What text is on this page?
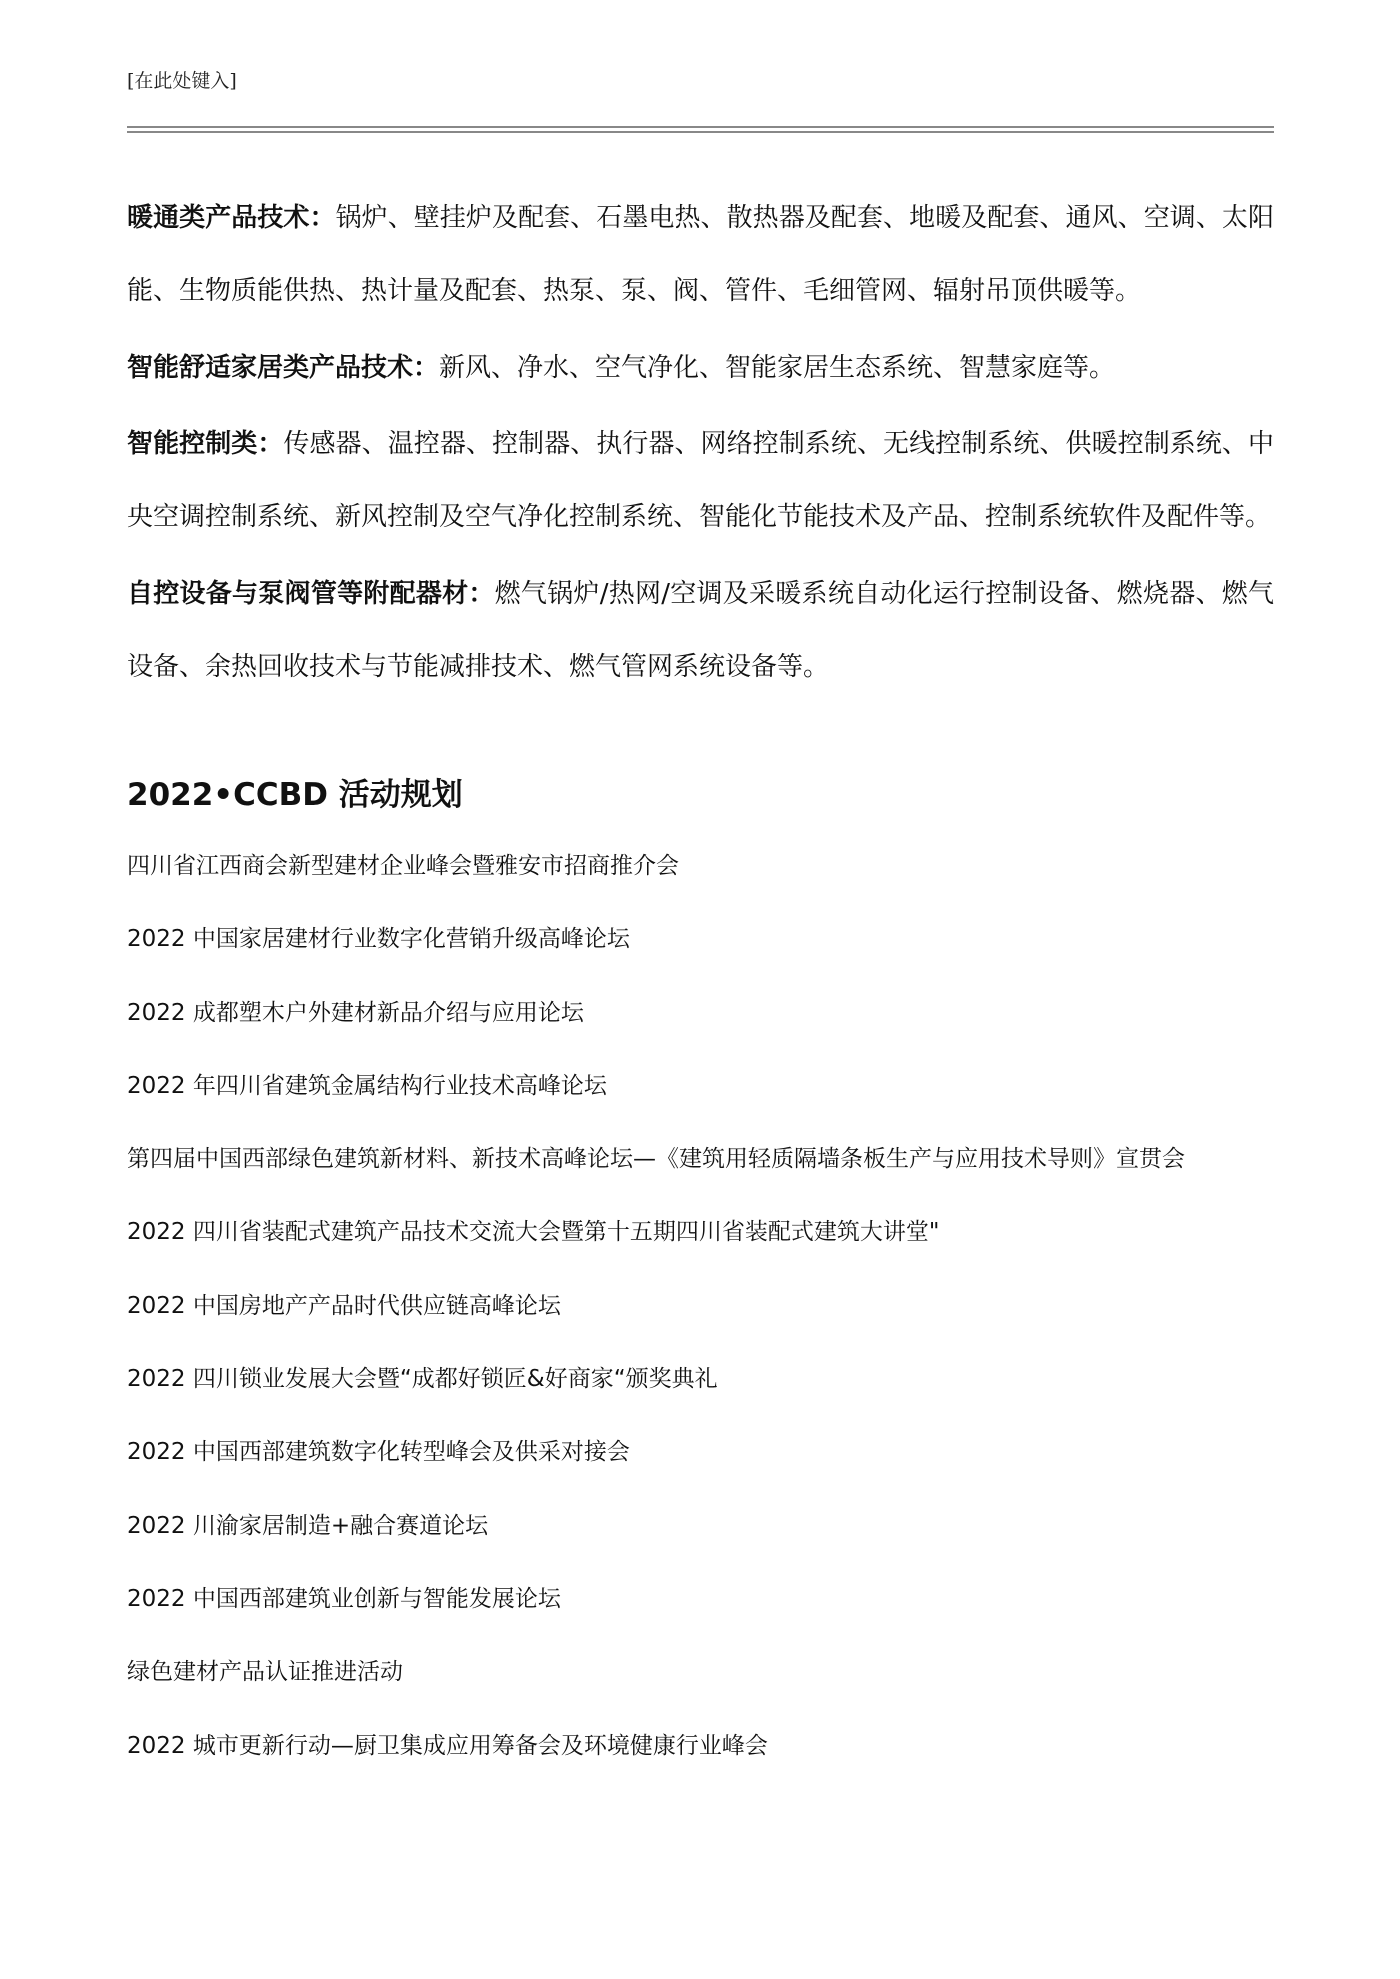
[在此处键入]

暖通类产品技术：锅炉、壁挂炉及配套、石墨电热、散热器及配套、地暖及配套、通风、空调、太阳能、生物质能供热、热计量及配套、热泵、泵、阀、管件、毛细管网、辐射吊顶供暖等。

智能舒适家居类产品技术：新风、净水、空气净化、智能家居生态系统、智慧家庭等。

智能控制类：传感器、温控器、控制器、执行器、网络控制系统、无线控制系统、供暖控制系统、中央空调控制系统、新风控制及空气净化控制系统、智能化节能技术及产品、控制系统软件及配件等。

自控设备与泵阀管等附配器材：燃气锅炉/热网/空调及采暖系统自动化运行控制设备、燃烧器、燃气设备、余热回收技术与节能减排技术、燃气管网系统设备等。

2022•CCBD 活动规划
四川省江西商会新型建材企业峰会暨雅安市招商推介会
2022 中国家居建材行业数字化营销升级高峰论坛
2022 成都塑木户外建材新品介绍与应用论坛
2022 年四川省建筑金属结构行业技术高峰论坛
第四届中国西部绿色建筑新材料、新技术高峰论坛—《建筑用轻质隔墙条板生产与应用技术导则》宣贯会
2022 四川省装配式建筑产品技术交流大会暨第十五期四川省装配式建筑大讲堂"
2022 中国房地产产品时代供应链高峰论坛
2022 四川锁业发展大会暨“成都好锁匠&好商家“颁奖典礼
2022 中国西部建筑数字化转型峰会及供采对接会
2022 川渝家居制造+融合赛道论坛
2022 中国西部建筑业创新与智能发展论坛
绿色建材产品认证推进活动
2022 城市更新行动—厨卫集成应用筹备会及环境健康行业峰会
